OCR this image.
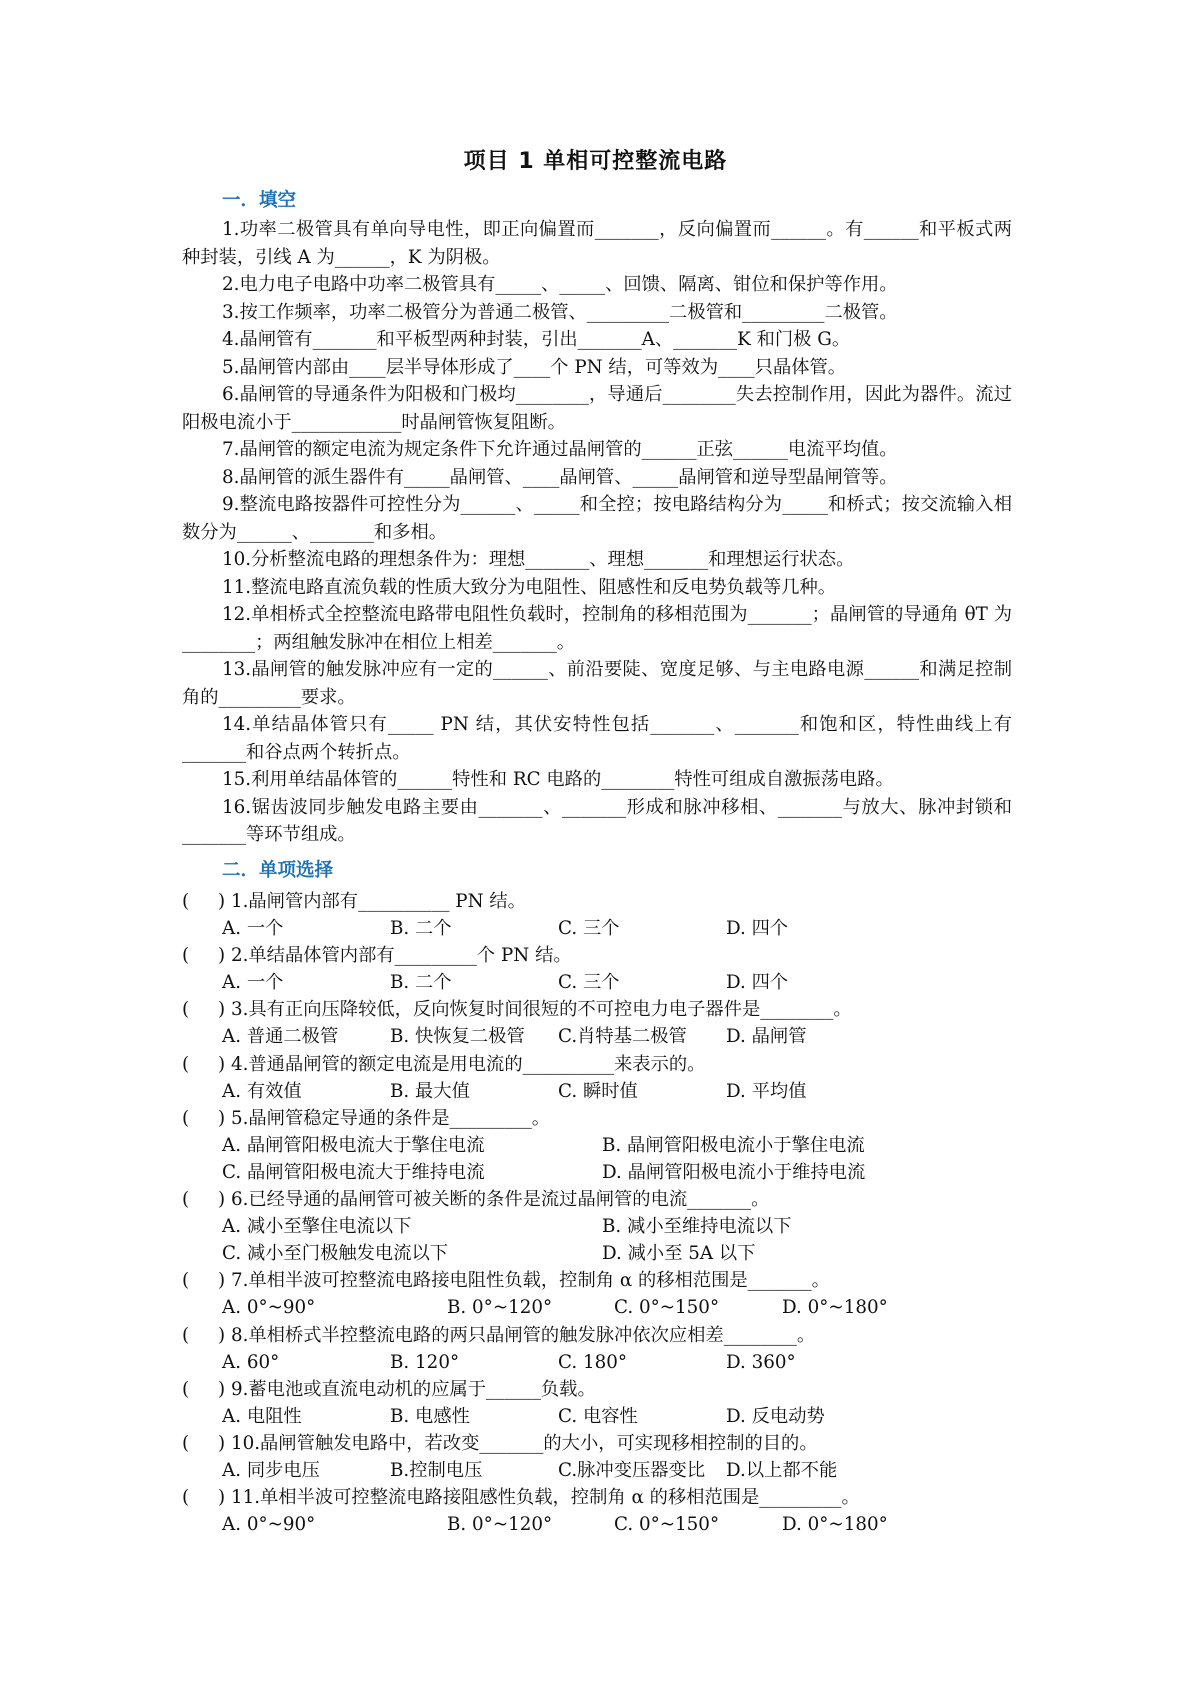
项目 1 单相可控整流电路
一．填空

1.功率二极管具有单向导电性，即正向偏置而_______，反向偏置而______。有______和平板式两种封装，引线 A 为______，K 为阴极。

2.电力电子电路中功率二极管具有_____、_____、回馈、隔离、钳位和保护等作用。

3.按工作频率，功率二极管分为普通二极管、_________二极管和_________二极管。

4.晶闸管有_______和平板型两种封装，引出_______A、_______K 和门极 G。

5.晶闸管内部由____层半导体形成了____个 PN 结，可等效为____只晶体管。

6.晶闸管的导通条件为阳极和门极均________，导通后________失去控制作用，因此为器件。流过阳极电流小于____________时晶闸管恢复阻断。

7.晶闸管的额定电流为规定条件下允许通过晶闸管的______正弦______电流平均值。

8.晶闸管的派生器件有_____晶闸管、____晶闸管、_____晶闸管和逆导型晶闸管等。

9.整流电路按器件可控性分为______、_____和全控；按电路结构分为_____和桥式；按交流输入相数分为______、_______和多相。

10.分析整流电路的理想条件为：理想_______、理想_______和理想运行状态。

11.整流电路直流负载的性质大致分为电阻性、阻感性和反电势负载等几种。

12.单相桥式全控整流电路带电阻性负载时，控制角的移相范围为_______；晶闸管的导通角 θT 为________；两组触发脉冲在相位上相差_______。

13.晶闸管的触发脉冲应有一定的______、前沿要陡、宽度足够、与主电路电源______和满足控制角的_________要求。

14.单结晶体管只有_____ PN 结，其伏安特性包括_______、_______和饱和区，特性曲线上有_______和谷点两个转折点。

15.利用单结晶体管的______特性和 RC 电路的________特性可组成自激振荡电路。

16.锯齿波同步触发电路主要由_______、_______形成和脉冲移相、_______与放大、脉冲封锁和_______等环节组成。

二．单项选择
( ) 1.晶闸管内部有__________ PN 结。
A. 一个	B. 二个	C. 三个	D. 四个
( ) 2.单结晶体管内部有_________个 PN 结。
A. 一个	B. 二个	C. 三个	D. 四个
( ) 3.具有正向压降较低，反向恢复时间很短的不可控电力电子器件是________。
A. 普通二极管	B. 快恢复二极管 C.肖特基二极管 D. 晶闸管
( ) 4.普通晶闸管的额定电流是用电流的__________来表示的。
A. 有效值	B. 最大值	C. 瞬时值	D. 平均值
( ) 5.晶闸管稳定导通的条件是_________。
A. 晶闸管阳极电流大于擎住电流	B. 晶闸管阳极电流小于擎住电流
C. 晶闸管阳极电流大于维持电流	D. 晶闸管阳极电流小于维持电流
( ) 6.已经导通的晶闸管可被关断的条件是流过晶闸管的电流_______。
A. 减小至擎住电流以下	B. 减小至维持电流以下
C. 减小至门极触发电流以下	D. 减小至 5A 以下
( ) 7.单相半波可控整流电路接电阻性负载，控制角 α 的移相范围是_______。
A. 0°~90°	B. 0°~120°	C. 0°~150°	D. 0°~180°
( ) 8.单相桥式半控整流电路的两只晶闸管的触发脉冲依次应相差________。
A. 60°	B. 120°	C. 180°	D. 360°
( ) 9.蓄电池或直流电动机的应属于______负载。
A. 电阻性	B. 电感性	C. 电容性	D. 反电动势
( ) 10.晶闸管触发电路中，若改变_______的大小，可实现移相控制的目的。
A. 同步电压	B.控制电压	C.脉冲变压器变比 D.以上都不能
( ) 11.单相半波可控整流电路接阻感性负载，控制角 α 的移相范围是_________。
A. 0°~90°	B. 0°~120°	C. 0°~150°	D. 0°~180°
